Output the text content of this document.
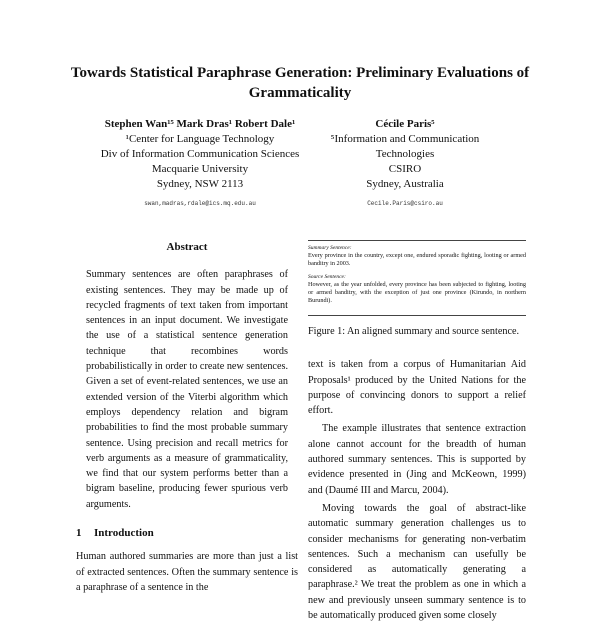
Towards Statistical Paraphrase Generation: Preliminary Evaluations of Grammaticality
Stephen Wan¹⁵ Mark Dras¹ Robert Dale¹
¹Center for Language Technology
Div of Information Communication Sciences
Macquarie University
Sydney, NSW 2113
swan,madras,rdale@ics.mq.edu.au
Cécile Paris⁵
⁵Information and Communication
Technologies
CSIRO
Sydney, Australia
Cecile.Paris@csiro.au
Abstract

Summary sentences are often paraphrases of existing sentences. They may be made up of recycled fragments of text taken from important sentences in an input document. We investigate the use of a statistical sentence generation technique that recombines words probabilistically in order to create new sentences. Given a set of event-related sentences, we use an extended version of the Viterbi algorithm which employs dependency relation and bigram probabilities to find the most probable summary sentence. Using precision and recall metrics for verb arguments as a measure of grammaticality, we find that our system performs better than a bigram baseline, producing fewer spurious verb arguments.

1 Introduction

Human authored summaries are more than just a list of extracted sentences. Often the summary sentence is a paraphrase of a sentence in the

Summary Sentence:

Every province in the country, except one, endured sporadic fighting, looting or armed banditry in 2003.

Source Sentence:

However, as the year unfolded, every province has been subjected to fighting, looting or armed banditry, with the exception of just one province (Kirundo, in northern Burundi).

Figure 1: An aligned summary and source sentence.

text is taken from a corpus of Humanitarian Aid Proposals¹ produced by the United Nations for the purpose of convincing donors to support a relief effort.

The example illustrates that sentence extraction alone cannot account for the breadth of human authored summary sentences. This is supported by evidence presented in (Jing and McKeown, 1999) and (Daumé III and Marcu, 2004).

Moving towards the goal of abstract-like automatic summary generation challenges us to consider mechanisms for generating non-verbatim sentences. Such a mechanism can usefully be considered as automatically generating a paraphrase.² We treat the problem as one in which a new and previously unseen summary sentence is to be automatically produced given some closely
